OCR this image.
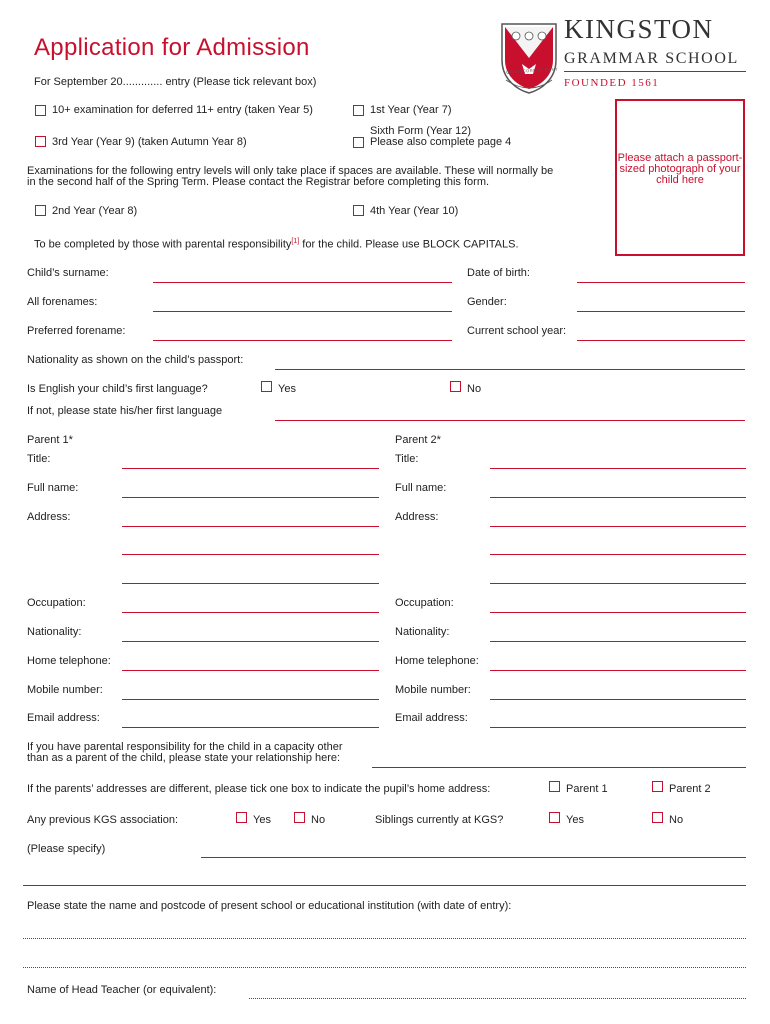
Application for Admission
QUI ENCORE AT CENT
KINGSTON
GRAMMAR SCHOOL
FOUNDED 1561
Please attach a passport-sized photograph of your child here
For September 20............. entry (Please tick relevant box)
10+ examination for deferred 11+ entry (taken Year 5)	1st Year (Year 7)
3rd Year (Year 9) (taken Autumn Year 8)
Sixth Form (Year 12)
Please also complete page 4
Examinations for the following entry levels will only take place if spaces are available. These will normally be
in the second half of the Spring Term. Please contact the Registrar before completing this form.
2nd Year (Year 8)	4th Year (Year 10)
To be completed by those with parental responsibility[1] for the child. Please use BLOCK CAPITALS.
Child’s surname:	Date of birth:
All forenames:	Gender:
Preferred forename:	Current school year:
Nationality as shown on the child’s passport:
Is English your child’s first language?	Yes	No
If not, please state his/her first language
Parent 1*
Title:
Full name:
Address:
Occupation:
Nationality:
Home telephone:
Mobile number:
Email address:
Parent 2*
Title:
Full name:
Address:
Occupation:
Nationality:
Home telephone:
Mobile number:
Email address:
If you have parental responsibility for the child in a capacity other
than as a parent of the child, please state your relationship here:
If the parents’ addresses are different, please tick one box to indicate the pupil’s home address:	Parent 1	Parent 2
Any previous KGS association:	Yes	No	Siblings currently at KGS?	Yes	No
(Please specify)
Please state the name and postcode of present school or educational institution (with date of entry):
Name of Head Teacher (or equivalent):
